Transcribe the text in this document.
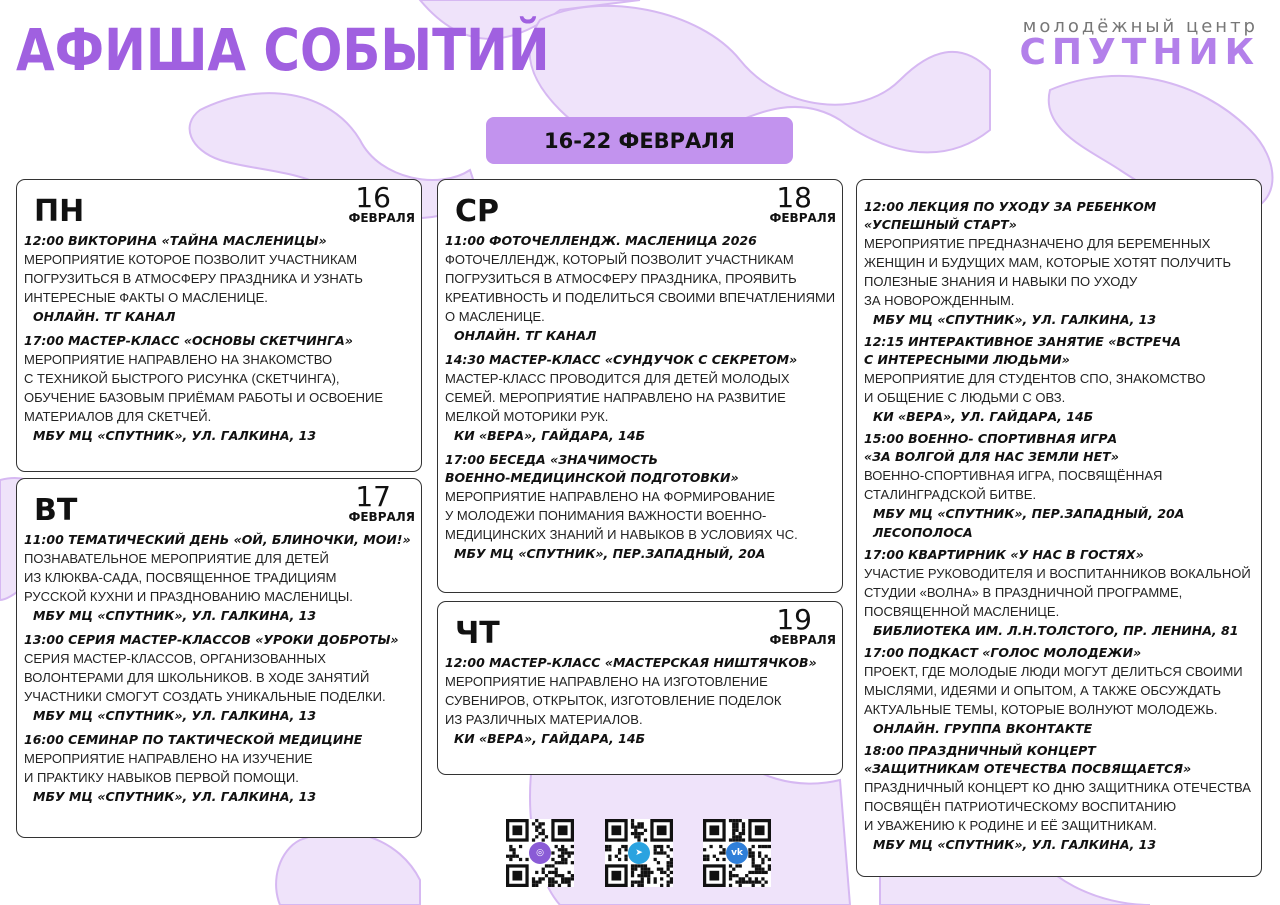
АФИША СОБЫТИЙ	молодёжный центр
СПУТНИК
16-22 ФЕВРАЛЯ
ПН	16
ФЕВРАЛЯ
12:00 ВИКТОРИНА «ТАЙНА МАСЛЕНИЦЫ»
МЕРОПРИЯТИЕ КОТОРОЕ ПОЗВОЛИТ УЧАСТНИКАМ
ПОГРУЗИТЬСЯ В АТМОСФЕРУ ПРАЗДНИКА И УЗНАТЬ
ИНТЕРЕСНЫЕ ФАКТЫ О МАСЛЕНИЦЕ.
ОНЛАЙН. ТГ КАНАЛ
17:00 МАСТЕР-КЛАСС «ОСНОВЫ СКЕТЧИНГА»
МЕРОПРИЯТИЕ НАПРАВЛЕНО НА ЗНАКОМСТВО
С ТЕХНИКОЙ БЫСТРОГО РИСУНКА (СКЕТЧИНГА),
ОБУЧЕНИЕ БАЗОВЫМ ПРИЁМАМ РАБОТЫ И ОСВОЕНИЕ
МАТЕРИАЛОВ ДЛЯ СКЕТЧЕЙ.
МБУ МЦ «СПУТНИК», УЛ. ГАЛКИНА, 13
ВТ	17
ФЕВРАЛЯ
11:00 ТЕМАТИЧЕСКИЙ ДЕНЬ «ОЙ, БЛИНОЧКИ, МОИ!»
ПОЗНАВАТЕЛЬНОЕ МЕРОПРИЯТИЕ ДЛЯ ДЕТЕЙ
ИЗ КЛЮКВА-САДА, ПОСВЯЩЕННОЕ ТРАДИЦИЯМ
РУССКОЙ КУХНИ И ПРАЗДНОВАНИЮ МАСЛЕНИЦЫ.
МБУ МЦ «СПУТНИК», УЛ. ГАЛКИНА, 13
13:00 СЕРИЯ МАСТЕР-КЛАССОВ «УРОКИ ДОБРОТЫ»
СЕРИЯ МАСТЕР-КЛАССОВ, ОРГАНИЗОВАННЫХ
ВОЛОНТЕРАМИ ДЛЯ ШКОЛЬНИКОВ. В ХОДЕ ЗАНЯТИЙ
УЧАСТНИКИ СМОГУТ СОЗДАТЬ УНИКАЛЬНЫЕ ПОДЕЛКИ.
МБУ МЦ «СПУТНИК», УЛ. ГАЛКИНА, 13
16:00 СЕМИНАР ПО ТАКТИЧЕСКОЙ МЕДИЦИНЕ
МЕРОПРИЯТИЕ НАПРАВЛЕНО НА ИЗУЧЕНИЕ
И ПРАКТИКУ НАВЫКОВ ПЕРВОЙ ПОМОЩИ.
МБУ МЦ «СПУТНИК», УЛ. ГАЛКИНА, 13
СР	18
ФЕВРАЛЯ
11:00 ФОТОЧЕЛЛЕНДЖ. МАСЛЕНИЦА 2026
ФОТОЧЕЛЛЕНДЖ, КОТОРЫЙ ПОЗВОЛИТ УЧАСТНИКАМ
ПОГРУЗИТЬСЯ В АТМОСФЕРУ ПРАЗДНИКА, ПРОЯВИТЬ
КРЕАТИВНОСТЬ И ПОДЕЛИТЬСЯ СВОИМИ ВПЕЧАТЛЕНИЯМИ
О МАСЛЕНИЦЕ.
ОНЛАЙН. ТГ КАНАЛ
14:30 МАСТЕР-КЛАСС «СУНДУЧОК С СЕКРЕТОМ»
МАСТЕР-КЛАСС ПРОВОДИТСЯ ДЛЯ ДЕТЕЙ МОЛОДЫХ
СЕМЕЙ. МЕРОПРИЯТИЕ НАПРАВЛЕНО НА РАЗВИТИЕ
МЕЛКОЙ МОТОРИКИ РУК.
КИ «ВЕРА», ГАЙДАРА, 14Б
17:00 БЕСЕДА «ЗНАЧИМОСТЬ
ВОЕННО-МЕДИЦИНСКОЙ ПОДГОТОВКИ»
МЕРОПРИЯТИЕ НАПРАВЛЕНО НА ФОРМИРОВАНИЕ
У МОЛОДЕЖИ ПОНИМАНИЯ ВАЖНОСТИ ВОЕННО-
МЕДИЦИНСКИХ ЗНАНИЙ И НАВЫКОВ В УСЛОВИЯХ ЧС.
МБУ МЦ «СПУТНИК», ПЕР.ЗАПАДНЫЙ, 20А
ЧТ	19
ФЕВРАЛЯ
12:00 МАСТЕР-КЛАСС «МАСТЕРСКАЯ НИШТЯЧКОВ»
МЕРОПРИЯТИЕ НАПРАВЛЕНО НА ИЗГОТОВЛЕНИЕ
СУВЕНИРОВ, ОТКРЫТОК, ИЗГОТОВЛЕНИЕ ПОДЕЛОК
ИЗ РАЗЛИЧНЫХ МАТЕРИАЛОВ.
КИ «ВЕРА», ГАЙДАРА, 14Б
12:00 ЛЕКЦИЯ ПО УХОДУ ЗА РЕБЕНКОМ
«УСПЕШНЫЙ СТАРТ»
МЕРОПРИЯТИЕ ПРЕДНАЗНАЧЕНО ДЛЯ БЕРЕМЕННЫХ
ЖЕНЩИН И БУДУЩИХ МАМ, КОТОРЫЕ ХОТЯТ ПОЛУЧИТЬ
ПОЛЕЗНЫЕ ЗНАНИЯ И НАВЫКИ ПО УХОДУ
ЗА НОВОРОЖДЕННЫМ.
МБУ МЦ «СПУТНИК», УЛ. ГАЛКИНА, 13
12:15 ИНТЕРАКТИВНОЕ ЗАНЯТИЕ «ВСТРЕЧА
С ИНТЕРЕСНЫМИ ЛЮДЬМИ»
МЕРОПРИЯТИЕ ДЛЯ СТУДЕНТОВ СПО, ЗНАКОМСТВО
И ОБЩЕНИЕ С ЛЮДЬМИ С ОВЗ.
КИ «ВЕРА», УЛ. ГАЙДАРА, 14Б
15:00 ВОЕННО- СПОРТИВНАЯ ИГРА
«ЗА ВОЛГОЙ ДЛЯ НАС ЗЕМЛИ НЕТ»
ВОЕННО-СПОРТИВНАЯ ИГРА, ПОСВЯЩЁННАЯ
СТАЛИНГРАДСКОЙ БИТВЕ.
МБУ МЦ «СПУТНИК», ПЕР.ЗАПАДНЫЙ, 20А
ЛЕСОПОЛОСА
17:00 КВАРТИРНИК «У НАС В ГОСТЯХ»
УЧАСТИЕ РУКОВОДИТЕЛЯ И ВОСПИТАННИКОВ ВОКАЛЬНОЙ
СТУДИИ «ВОЛНА» В ПРАЗДНИЧНОЙ ПРОГРАММЕ,
ПОСВЯЩЕННОЙ МАСЛЕНИЦЕ.
БИБЛИОТЕКА ИМ. Л.Н.ТОЛСТОГО, ПР. ЛЕНИНА, 81
17:00 ПОДКАСТ «ГОЛОС МОЛОДЕЖИ»
ПРОЕКТ, ГДЕ МОЛОДЫЕ ЛЮДИ МОГУТ ДЕЛИТЬСЯ СВОИМИ
МЫСЛЯМИ, ИДЕЯМИ И ОПЫТОМ, А ТАКЖЕ ОБСУЖДАТЬ
АКТУАЛЬНЫЕ ТЕМЫ, КОТОРЫЕ ВОЛНУЮТ МОЛОДЕЖЬ.
ОНЛАЙН. ГРУППА ВКОНТАКТЕ
18:00 ПРАЗДНИЧНЫЙ КОНЦЕРТ
«ЗАЩИТНИКАМ ОТЕЧЕСТВА ПОСВЯЩАЕТСЯ»
ПРАЗДНИЧНЫЙ КОНЦЕРТ КО ДНЮ ЗАЩИТНИКА ОТЕЧЕСТВА
ПОСВЯЩЁН ПАТРИОТИЧЕСКОМУ ВОСПИТАНИЮ
И УВАЖЕНИЮ К РОДИНЕ И ЕЁ ЗАЩИТНИКАМ.
МБУ МЦ «СПУТНИК», УЛ. ГАЛКИНА, 13
◎	➤	vk
